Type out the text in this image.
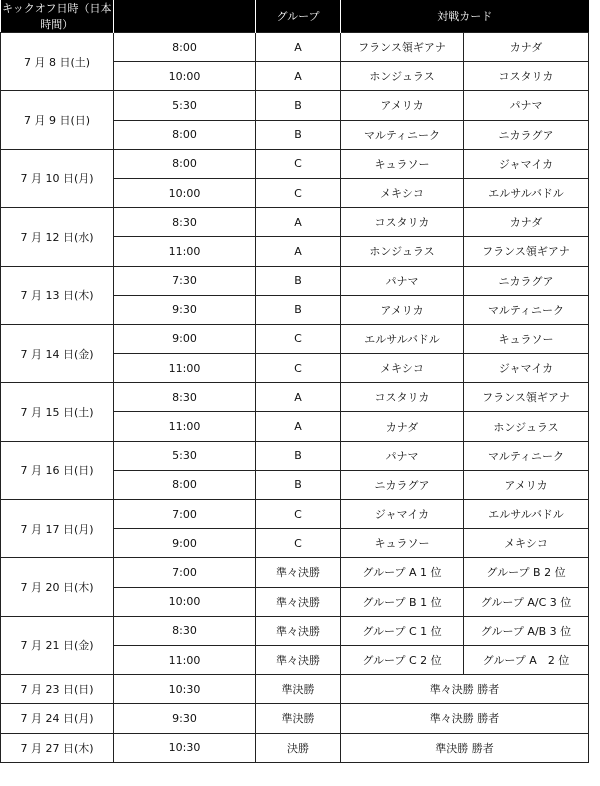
キックオフ日時（日本時間）		グループ	対戦カード	
7 月 8 日(土)	8:00	A	フランス領ギアナ	カナダ
	10:00	A	ホンジュラス	コスタリカ
7 月 9 日(日)	5:30	B	アメリカ	パナマ
	8:00	B	マルティニーク	ニカラグア
7 月 10 日(月)	8:00	C	キュラソー	ジャマイカ
	10:00	C	メキシコ	エルサルバドル
7 月 12 日(水)	8:30	A	コスタリカ	カナダ
	11:00	A	ホンジュラス	フランス領ギアナ
7 月 13 日(木)	7:30	B	パナマ	ニカラグア
	9:30	B	アメリカ	マルティニーク
7 月 14 日(金)	9:00	C	エルサルバドル	キュラソー
	11:00	C	メキシコ	ジャマイカ
7 月 15 日(土)	8:30	A	コスタリカ	フランス領ギアナ
	11:00	A	カナダ	ホンジュラス
7 月 16 日(日)	5:30	B	パナマ	マルティニーク
	8:00	B	ニカラグア	アメリカ
7 月 17 日(月)	7:00	C	ジャマイカ	エルサルバドル
	9:00	C	キュラソー	メキシコ
7 月 20 日(木)	7:00	準々決勝	グループ A 1 位	グループ B 2 位
	10:00	準々決勝	グループ B 1 位	グループ A/C 3 位
7 月 21 日(金)	8:30	準々決勝	グループ C 1 位	グループ A/B 3 位
	11:00	準々決勝	グループ C 2 位	グループ A　2 位
7 月 23 日(日)	10:30	準決勝	準々決勝 勝者	
7 月 24 日(月)	9:30	準決勝	準々決勝 勝者	
7 月 27 日(木)	10:30	決勝	準決勝 勝者	
